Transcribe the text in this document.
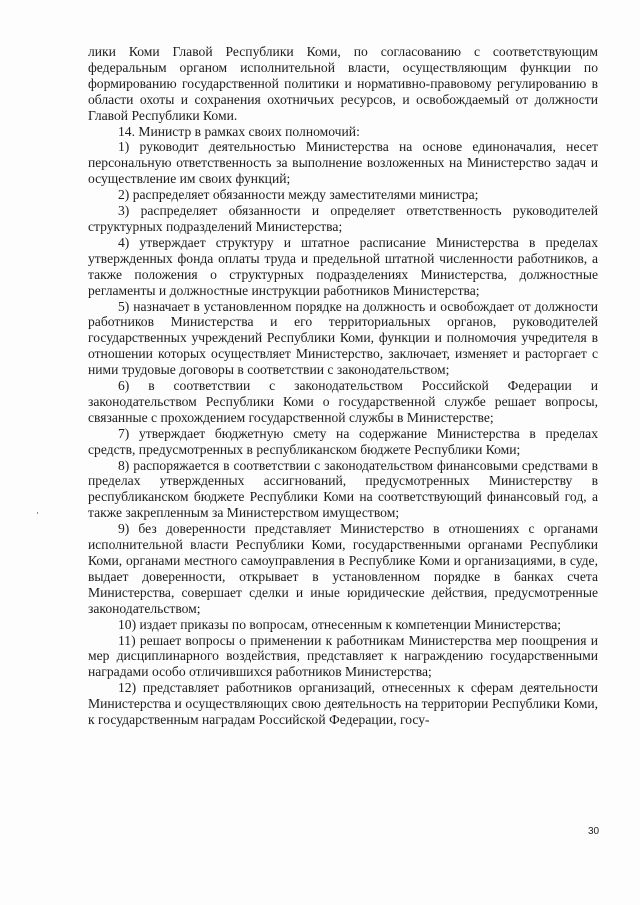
лики Коми Главой Республики Коми, по согласованию с соответствующим федеральным органом исполнительной власти, осуществляющим функции по формированию государственной политики и нормативно-правовому регулированию в области охоты и сохранения охотничьих ресурсов, и освобождаемый от должности Главой Республики Коми.

14. Министр в рамках своих полномочий:

1) руководит деятельностью Министерства на основе единоначалия, несет персональную ответственность за выполнение возложенных на Министерство задач и осуществление им своих функций;

2) распределяет обязанности между заместителями министра;

3) распределяет обязанности и определяет ответственность руководителей структурных подразделений Министерства;

4) утверждает структуру и штатное расписание Министерства в пределах утвержденных фонда оплаты труда и предельной штатной численности работников, а также положения о структурных подразделениях Министерства, должностные регламенты и должностные инструкции работников Министерства;

5) назначает в установленном порядке на должность и освобождает от должности работников Министерства и его территориальных органов, руководителей государственных учреждений Республики Коми, функции и полномочия учредителя в отношении которых осуществляет Министерство, заключает, изменяет и расторгает с ними трудовые договоры в соответствии с законодательством;

6) в соответствии с законодательством Российской Федерации и законодательством Республики Коми о государственной службе решает вопросы, связанные с прохождением государственной службы в Министерстве;

7) утверждает бюджетную смету на содержание Министерства в пределах средств, предусмотренных в республиканском бюджете Республики Коми;

8) распоряжается в соответствии с законодательством финансовыми средствами в пределах утвержденных ассигнований, предусмотренных Министерству в республиканском бюджете Республики Коми на соответствующий финансовый год, а также закрепленным за Министерством имуществом;

9) без доверенности представляет Министерство в отношениях с органами исполнительной власти Республики Коми, государственными органами Республики Коми, органами местного самоуправления в Республике Коми и организациями, в суде, выдает доверенности, открывает в установленном порядке в банках счета Министерства, совершает сделки и иные юридические действия, предусмотренные законодательством;

10) издает приказы по вопросам, отнесенным к компетенции Министерства;

11) решает вопросы о применении к работникам Министерства мер поощрения и мер дисциплинарного воздействия, представляет к награждению государственными наградами особо отличившихся работников Министерства;

12) представляет работников организаций, отнесенных к сферам деятельности Министерства и осуществляющих свою деятельность на территории Республики Коми, к государственным наградам Российской Федерации, госу-

30
